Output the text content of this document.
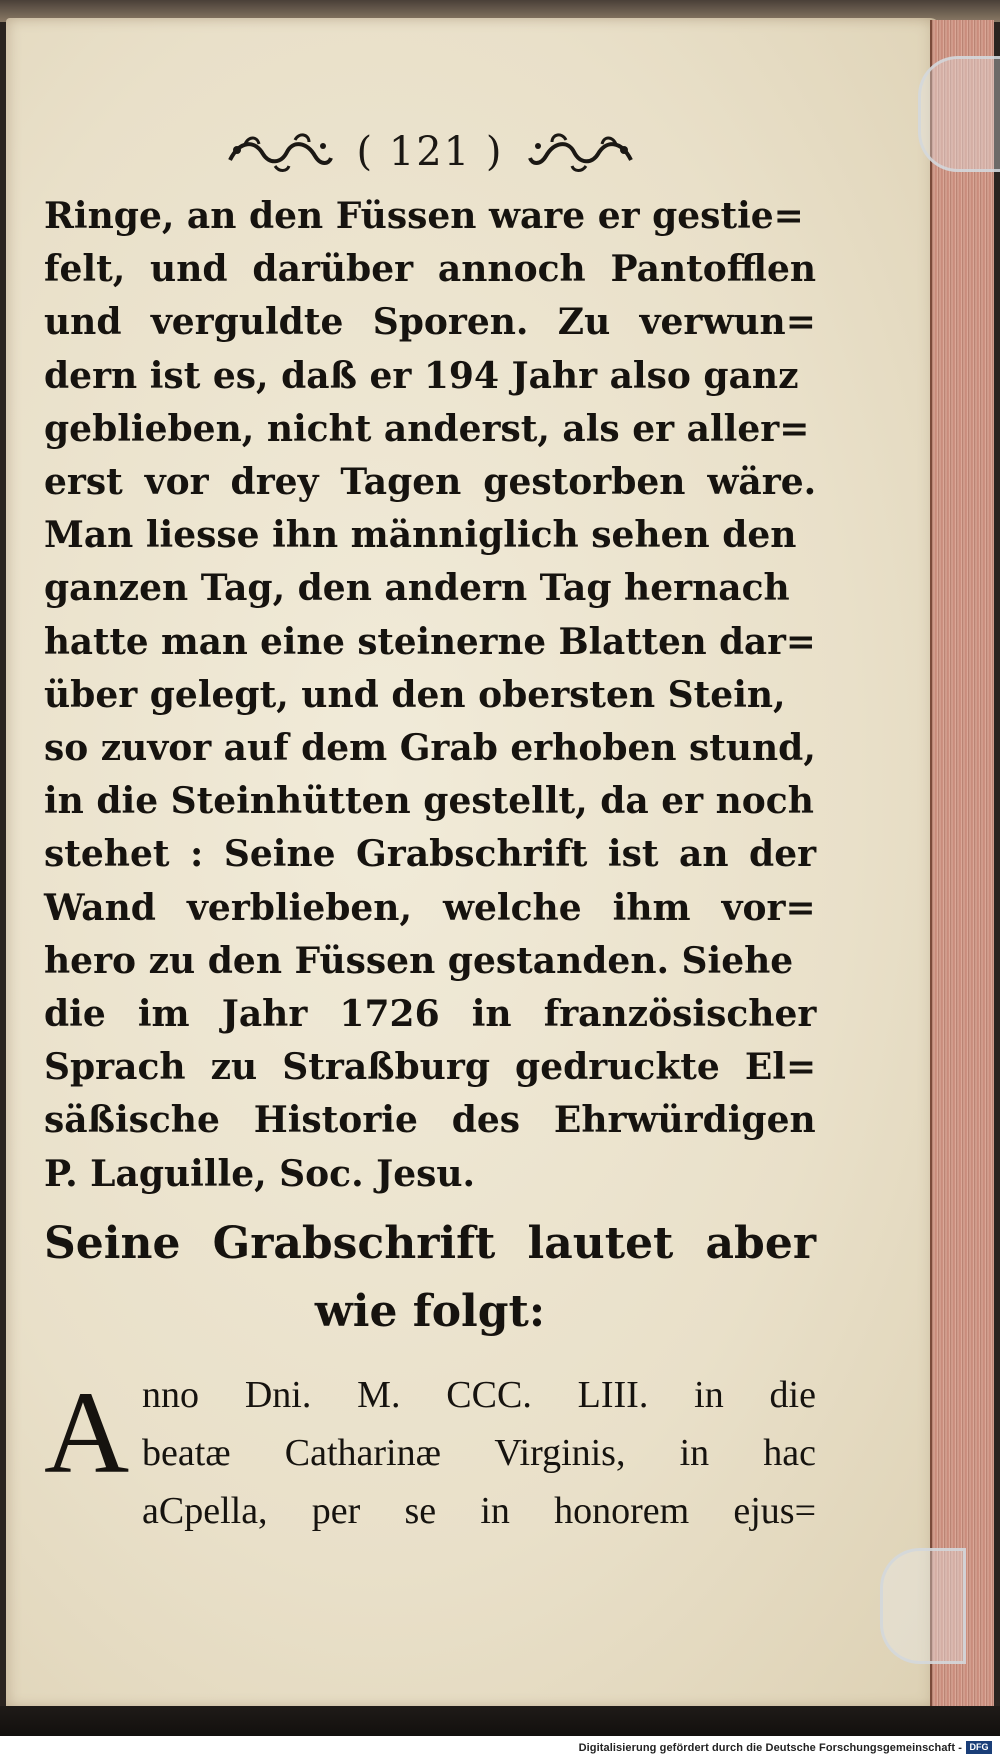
( 121 )
Ringe, an den Füssen ware er gestie=
felt, und darüber annoch Pantofflen
und verguldte Sporen. Zu verwun=
dern ist es, daß er 194 Jahr also ganz
geblieben, nicht anderst, als er aller=
erst vor drey Tagen gestorben wäre.
Man liesse ihn männiglich sehen den
ganzen Tag, den andern Tag hernach
hatte man eine steinerne Blatten dar=
über gelegt, und den obersten Stein,
so zuvor auf dem Grab erhoben stund,
in die Steinhütten gestellt, da er noch
stehet : Seine Grabschrift ist an der
Wand verblieben, welche ihm vor=
hero zu den Füssen gestanden. Siehe
die im Jahr 1726 in französischer
Sprach zu Straßburg gedruckte El=
säßische Historie des Ehrwürdigen
P. Laguille, Soc. Jesu.
Seine Grabschrift lautet aber
wie folgt:
A nno Dni. M. CCC. LIII. in die
beatæ Catharinæ Virginis, in hac
aCpella, per se in honorem ejus=
Digitalisierung gefördert durch die Deutsche Forschungsgemeinschaft - DFG
